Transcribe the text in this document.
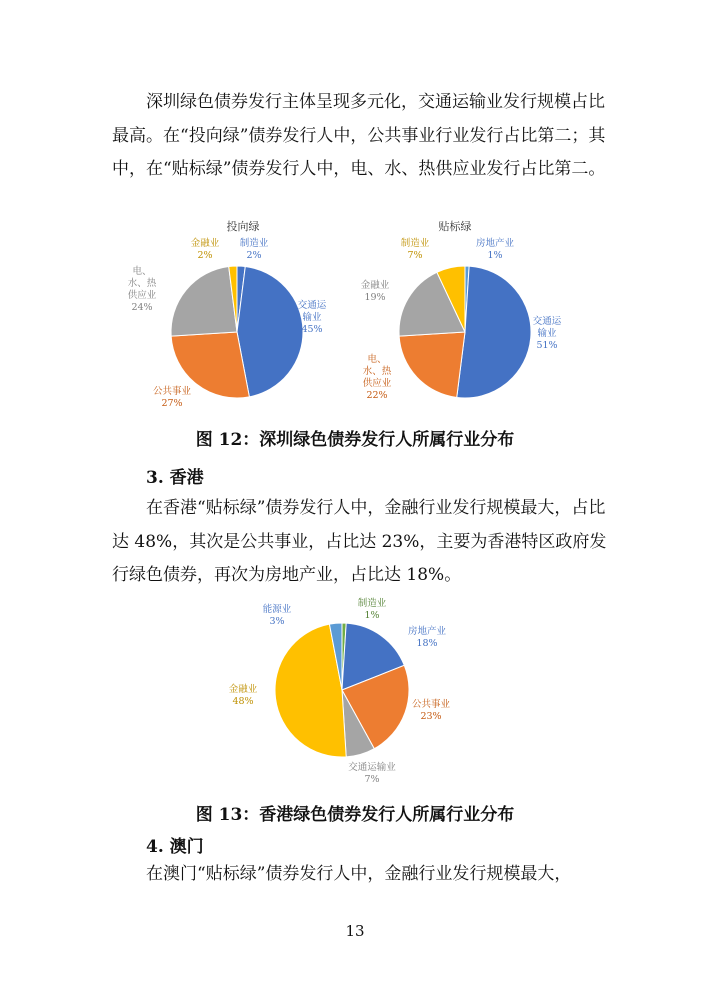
深圳绿色债券发行主体呈现多元化，交通运输业发行规模占比最高。在“投向绿”债券发行人中，公共事业行业发行占比第二；其中，在“贴标绿”债券发行人中，电、水、热供应业发行占比第二。

投向绿
制造业 2%
交通运输业 45%
公共事业 27%
电、水、热供应业 24%
金融业 2%
贴标绿
房地产业 1%
交通运输业 51%
电、水、热供应业 22%
金融业 19%
制造业 7%

图 12：深圳绿色债券发行人所属行业分布

3. 香港

在香港“贴标绿”债券发行人中，金融行业发行规模最大，占比达 48%，其次是公共事业，占比达 23%，主要为香港特区政府发行绿色债券，再次为房地产业，占比达 18%。

制造业 1%
房地产业 18%
公共事业 23%
交通运输业 7%
金融业 48%
能源业 3%

图 13：香港绿色债券发行人所属行业分布

4. 澳门

在澳门“贴标绿”债券发行人中，金融行业发行规模最大，

13
